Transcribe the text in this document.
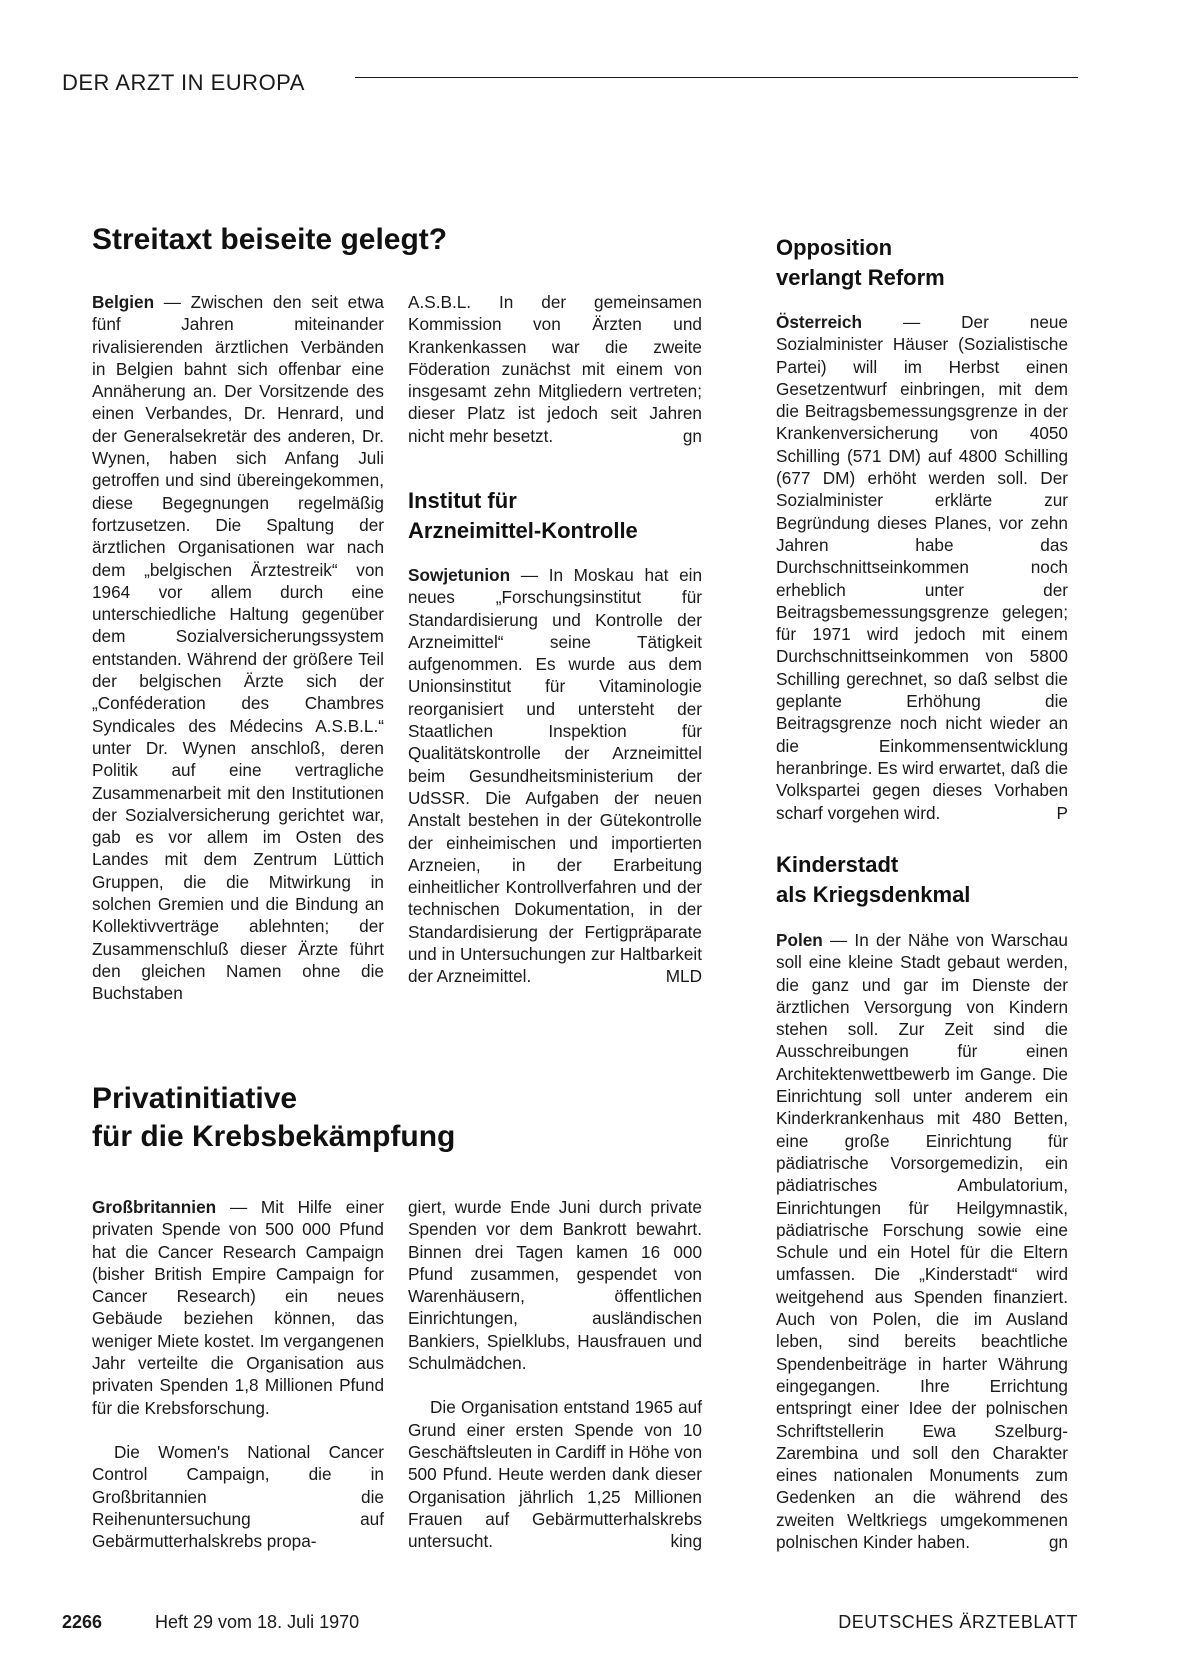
DER ARZT IN EUROPA
Streitaxt beiseite gelegt?

Belgien — Zwischen den seit etwa fünf Jahren miteinander rivalisierenden ärztlichen Verbänden in Belgien bahnt sich offenbar eine Annäherung an. Der Vorsitzende des einen Verbandes, Dr. Henrard, und der Generalsekretär des anderen, Dr. Wynen, haben sich Anfang Juli getroffen und sind übereingekommen, diese Begegnungen regelmäßig fortzusetzen. Die Spaltung der ärztlichen Organisationen war nach dem „belgischen Ärztestreik“ von 1964 vor allem durch eine unterschiedliche Haltung gegenüber dem Sozialversicherungssystem entstanden. Während der größere Teil der belgischen Ärzte sich der „Conféderation des Chambres Syndicales des Médecins A.S.B.L.“ unter Dr. Wynen anschloß, deren Politik auf eine vertragliche Zusammenarbeit mit den Institutionen der Sozialversicherung gerichtet war, gab es vor allem im Osten des Landes mit dem Zentrum Lüttich Gruppen, die die Mitwirkung in solchen Gremien und die Bindung an Kollektivverträge ablehnten; der Zusammenschluß dieser Ärzte führt den gleichen Namen ohne die Buchstaben

A.S.B.L. In der gemeinsamen Kommission von Ärzten und Krankenkassen war die zweite Föderation zunächst mit einem von insgesamt zehn Mitgliedern vertreten; dieser Platz ist jedoch seit Jahren nicht mehr besetzt.	gn

Institut für
Arzneimittel-Kontrolle

Sowjetunion — In Moskau hat ein neues „Forschungsinstitut für Standardisierung und Kontrolle der Arzneimittel“ seine Tätigkeit aufgenommen. Es wurde aus dem Unionsinstitut für Vitaminologie reorganisiert und untersteht der Staatlichen Inspektion für Qualitätskontrolle der Arzneimittel beim Gesundheitsministerium der UdSSR. Die Aufgaben der neuen Anstalt bestehen in der Gütekontrolle der einheimischen und importierten Arzneien, in der Erarbeitung einheitlicher Kontrollverfahren und der technischen Dokumentation, in der Standardisierung der Fertigpräparate und in Untersuchungen zur Haltbarkeit der Arzneimittel.	MLD

Opposition
verlangt Reform

Österreich — Der neue Sozialminister Häuser (Sozialistische Partei) will im Herbst einen Gesetzentwurf einbringen, mit dem die Beitragsbemessungsgrenze in der Krankenversicherung von 4050 Schilling (571 DM) auf 4800 Schilling (677 DM) erhöht werden soll. Der Sozialminister erklärte zur Begründung dieses Planes, vor zehn Jahren habe das Durchschnittseinkommen noch erheblich unter der Beitragsbemessungsgrenze gelegen; für 1971 wird jedoch mit einem Durchschnittseinkommen von 5800 Schilling gerechnet, so daß selbst die geplante Erhöhung die Beitragsgrenze noch nicht wieder an die Einkommensentwicklung heranbringe. Es wird erwartet, daß die Volkspartei gegen dieses Vorhaben scharf vorgehen wird.	P

Kinderstadt
als Kriegsdenkmal

Polen — In der Nähe von Warschau soll eine kleine Stadt gebaut werden, die ganz und gar im Dienste der ärztlichen Versorgung von Kindern stehen soll. Zur Zeit sind die Ausschreibungen für einen Architektenwettbewerb im Gange. Die Einrichtung soll unter anderem ein Kinderkrankenhaus mit 480 Betten, eine große Einrichtung für pädiatrische Vorsorgemedizin, ein pädiatrisches Ambulatorium, Einrichtungen für Heilgymnastik, pädiatrische Forschung sowie eine Schule und ein Hotel für die Eltern umfassen. Die „Kinderstadt“ wird weitgehend aus Spenden finanziert. Auch von Polen, die im Ausland leben, sind bereits beachtliche Spendenbeiträge in harter Währung eingegangen. Ihre Errichtung entspringt einer Idee der polnischen Schriftstellerin Ewa Szelburg-Zarembina und soll den Charakter eines nationalen Monuments zum Gedenken an die während des zweiten Weltkriegs umgekommenen polnischen Kinder haben.	gn

Privatinitiative
für die Krebsbekämpfung

Großbritannien — Mit Hilfe einer privaten Spende von 500 000 Pfund hat die Cancer Research Campaign (bisher British Empire Campaign for Cancer Research) ein neues Gebäude beziehen können, das weniger Miete kostet. Im vergangenen Jahr verteilte die Organisation aus privaten Spenden 1,8 Millionen Pfund für die Krebsforschung.

Die Women's National Cancer Control Campaign, die in Großbritannien die Reihenuntersuchung auf Gebärmutterhalskrebs propa-

giert, wurde Ende Juni durch private Spenden vor dem Bankrott bewahrt. Binnen drei Tagen kamen 16 000 Pfund zusammen, gespendet von Warenhäusern, öffentlichen Einrichtungen, ausländischen Bankiers, Spielklubs, Hausfrauen und Schulmädchen.

Die Organisation entstand 1965 auf Grund einer ersten Spende von 10 Geschäftsleuten in Cardiff in Höhe von 500 Pfund. Heute werden dank dieser Organisation jährlich 1,25 Millionen Frauen auf Gebärmutterhalskrebs untersucht.	king

2266	Heft 29 vom 18. Juli 1970	DEUTSCHES ÄRZTEBLATT
